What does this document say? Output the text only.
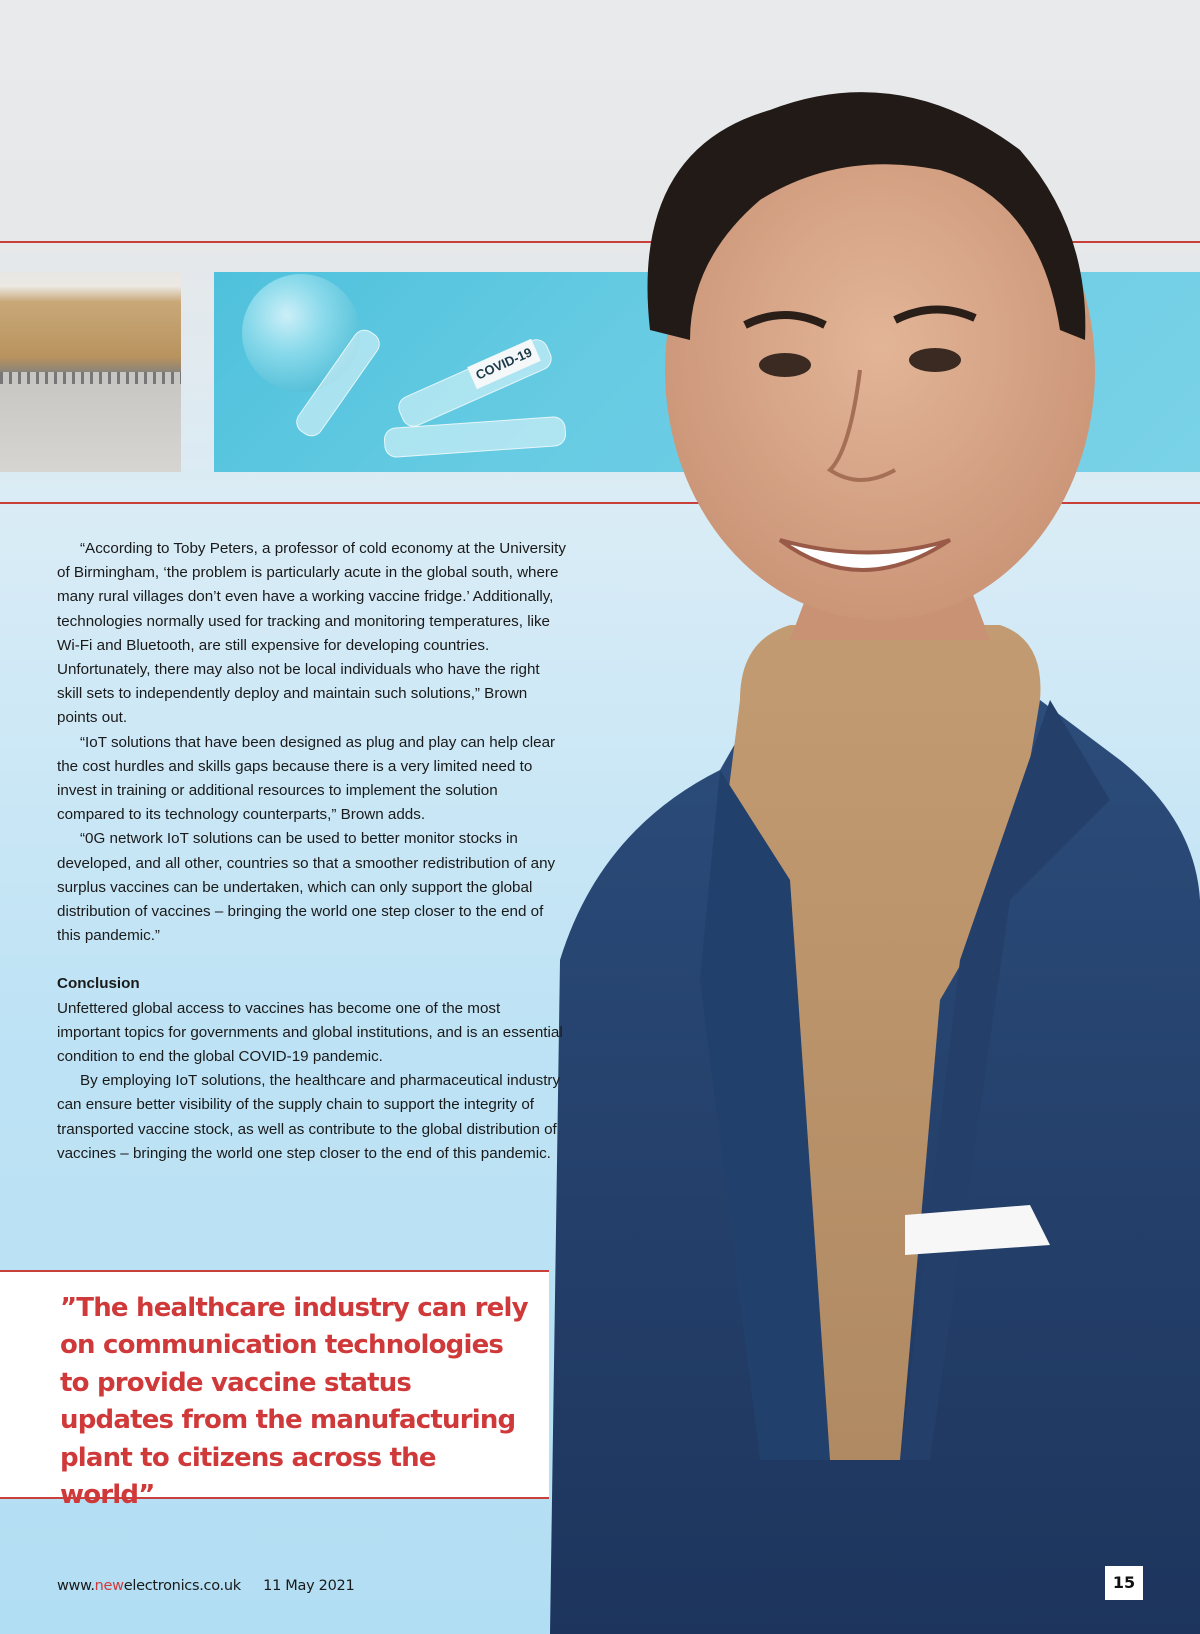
COVID-19

“According to Toby Peters, a professor of cold economy at the University of Birmingham, ‘the problem is particularly acute in the global south, where many rural villages don’t even have a working vaccine fridge.’ Additionally, technologies normally used for tracking and monitoring temperatures, like Wi-Fi and Bluetooth, are still expensive for developing countries. Unfortunately, there may also not be local individuals who have the right skill sets to independently deploy and maintain such solutions,” Brown points out.

“IoT solutions that have been designed as plug and play can help clear the cost hurdles and skills gaps because there is a very limited need to invest in training or additional resources to implement the solution compared to its technology counterparts,” Brown adds.

“0G network IoT solutions can be used to better monitor stocks in developed, and all other, countries so that a smoother redistribution of any surplus vaccines can be undertaken, which can only support the global distribution of vaccines – bringing the world one step closer to the end of this pandemic.”

Conclusion

Unfettered global access to vaccines has become one of the most important topics for governments and global institutions, and is an essential condition to end the global COVID-19 pandemic.

By employing IoT solutions, the healthcare and pharmaceutical industry can ensure better visibility of the supply chain to support the integrity of transported vaccine stock, as well as contribute to the global distribution of vaccines – bringing the world one step closer to the end of this pandemic.

”The healthcare industry can rely on communication technologies to provide vaccine status updates from the manufacturing plant to citizens across the world”
www.newelectronics.co.uk 11 May 2021	15
